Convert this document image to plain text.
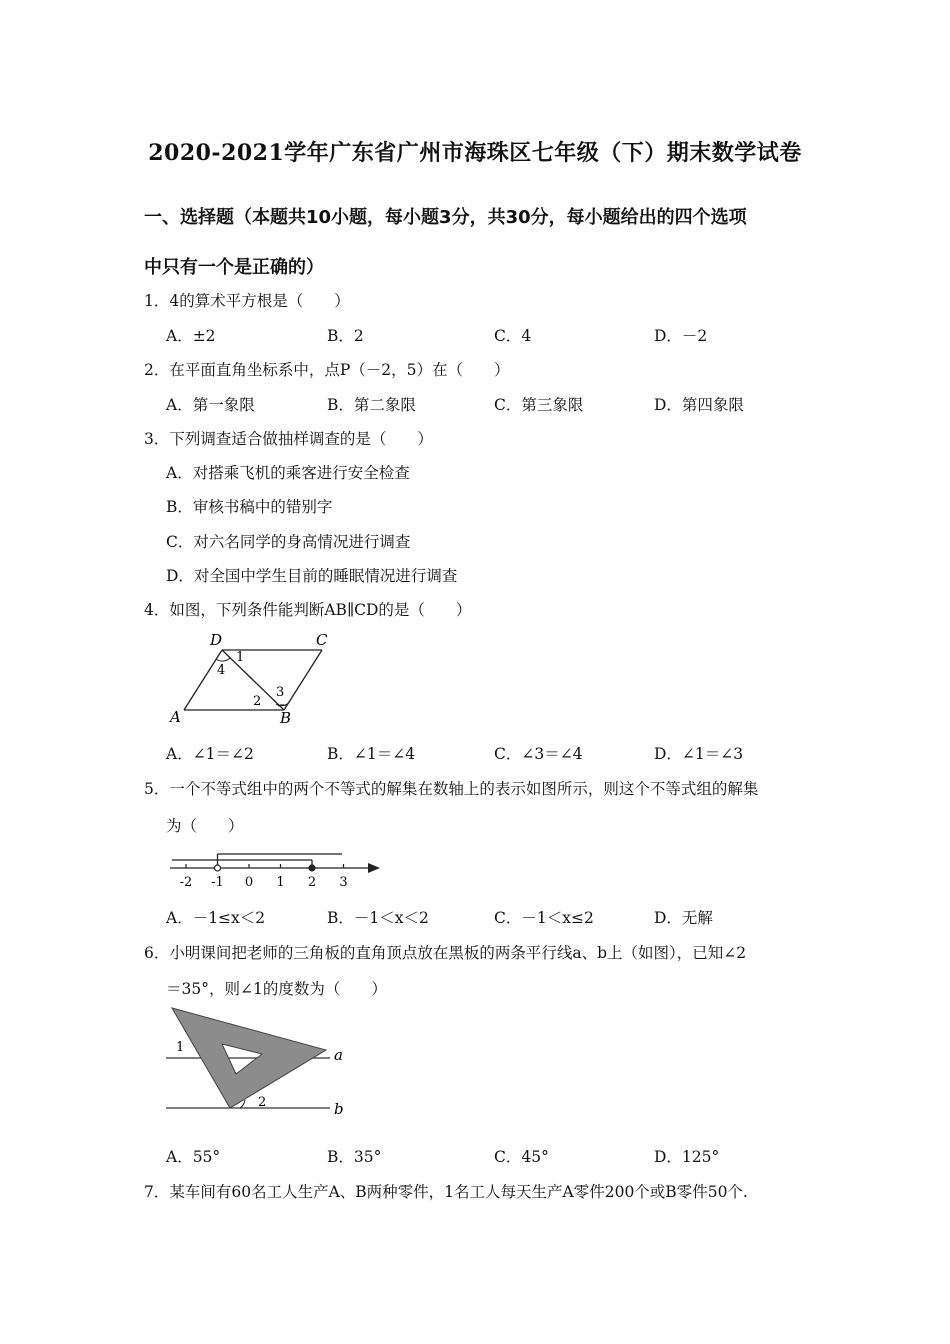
2020-2021学年广东省广州市海珠区七年级（下）期末数学试卷
一、选择题（本题共10小题，每小题3分，共30分，每小题给出的四个选项
中只有一个是正确的）
1．4的算术平方根是（　　）
A．±2	B．2	C．4	D．－2
2．在平面直角坐标系中，点P（－2，5）在（　　）
A．第一象限	B．第二象限	C．第三象限	D．第四象限
3．下列调查适合做抽样调查的是（　　）
A．对搭乘飞机的乘客进行安全检查
B．审核书稿中的错别字
C．对六名同学的身高情况进行调查
D．对全国中学生目前的睡眠情况进行调查
4．如图，下列条件能判断AB∥CD的是（　　）
D	C
A	B
1
2
3
4
A．∠1＝∠2	B．∠1＝∠4	C．∠3＝∠4	D．∠1＝∠3
5．一个不等式组中的两个不等式的解集在数轴上的表示如图所示，则这个不等式组的解集
为（　　）
-2 -1 0 1 2 3
A．－1≤x＜2	B．－1＜x＜2	C．－1＜x≤2	D．无解
6．小明课间把老师的三角板的直角顶点放在黑板的两条平行线a、b上（如图），已知∠2
＝35°，则∠1的度数为（　　）
1
2
a
b
A．55°	B．35°	C．45°	D．125°
7．某车间有60名工人生产A、B两种零件，1名工人每天生产A零件200个或B零件50个.
